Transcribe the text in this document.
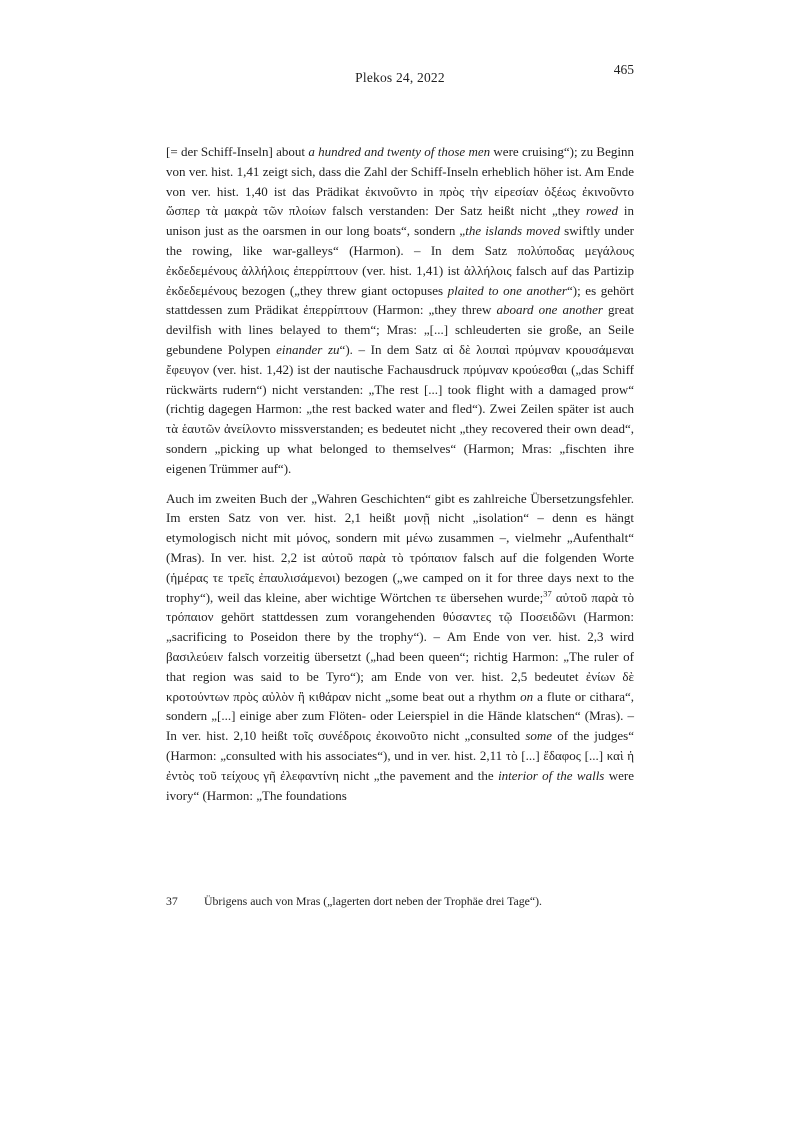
Plekos 24, 2022
465

[= der Schiff-Inseln] about a hundred and twenty of those men were cruising“); zu Beginn von ver. hist. 1,41 zeigt sich, dass die Zahl der Schiff-Inseln erheblich höher ist. Am Ende von ver. hist. 1,40 ist das Prädikat ἐκινοῦντο in πρὸς τὴν εἰρεσίαν ὀξέως ἐκινοῦντο ὥσπερ τὰ μακρὰ τῶν πλοίων falsch verstanden: Der Satz heißt nicht „they rowed in unison just as the oarsmen in our long boats“, sondern „the islands moved swiftly under the rowing, like war-galleys“ (Harmon). – In dem Satz πολύποδας μεγάλους ἐκδεδεμένους ἀλλήλοις ἐπερρίπτουν (ver. hist. 1,41) ist ἀλλήλοις falsch auf das Partizip ἐκδεδεμένους bezogen („they threw giant octopuses plaited to one another“); es gehört stattdessen zum Prädikat ἐπερρίπτουν (Harmon: „they threw aboard one another great devilfish with lines belayed to them“; Mras: „[...] schleuderten sie große, an Seile gebundene Polypen einander zu“). – In dem Satz αἱ δὲ λοιπαὶ πρύμναν κρουσάμεναι ἔφευγον (ver. hist. 1,42) ist der nautische Fachausdruck πρύμναν κρούεσθαι („das Schiff rückwärts rudern“) nicht verstanden: „The rest [...] took flight with a damaged prow“ (richtig dagegen Harmon: „the rest backed water and fled“). Zwei Zeilen später ist auch τὰ ἑαυτῶν ἀνείλοντο missverstanden; es bedeutet nicht „they recovered their own dead“, sondern „picking up what belonged to themselves“ (Harmon; Mras: „fischten ihre eigenen Trümmer auf“).

Auch im zweiten Buch der „Wahren Geschichten“ gibt es zahlreiche Übersetzungsfehler. Im ersten Satz von ver. hist. 2,1 heißt μονῇ nicht „isolation“ – denn es hängt etymologisch nicht mit μόνος, sondern mit μένω zusammen –, vielmehr „Aufenthalt“ (Mras). In ver. hist. 2,2 ist αὐτοῦ παρὰ τὸ τρόπαιον falsch auf die folgenden Worte (ἡμέρας τε τρεῖς ἐπαυλισάμενοι) bezogen („we camped on it for three days next to the trophy“), weil das kleine, aber wichtige Wörtchen τε übersehen wurde;$^{37}$ αὐτοῦ παρὰ τὸ τρόπαιον gehört stattdessen zum vorangehenden θύσαντες τῷ Ποσειδῶνι (Harmon: „sacrificing to Poseidon there by the trophy“). – Am Ende von ver. hist. 2,3 wird βασιλεύειν falsch vorzeitig übersetzt („had been queen“; richtig Harmon: „The ruler of that region was said to be Tyro“); am Ende von ver. hist. 2,5 bedeutet ἐνίων δὲ κροτούντων πρὸς αὐλὸν ἢ κιθάραν nicht „some beat out a rhythm on a flute or cithara“, sondern „[...] einige aber zum Flöten- oder Leierspiel in die Hände klatschen“ (Mras). – In ver. hist. 2,10 heißt τοῖς συνέδροις ἐκοινοῦτο nicht „consulted some of the judges“ (Harmon: „consulted with his associates“), und in ver. hist. 2,11 τὸ [...] ἔδαφος [...] καὶ ἡ ἐντὸς τοῦ τείχους γῆ ἐλεφαντίνη nicht „the pavement and the interior of the walls were ivory“ (Harmon: „The foundations

37	Übrigens auch von Mras („lagerten dort neben der Trophäe drei Tage“).
